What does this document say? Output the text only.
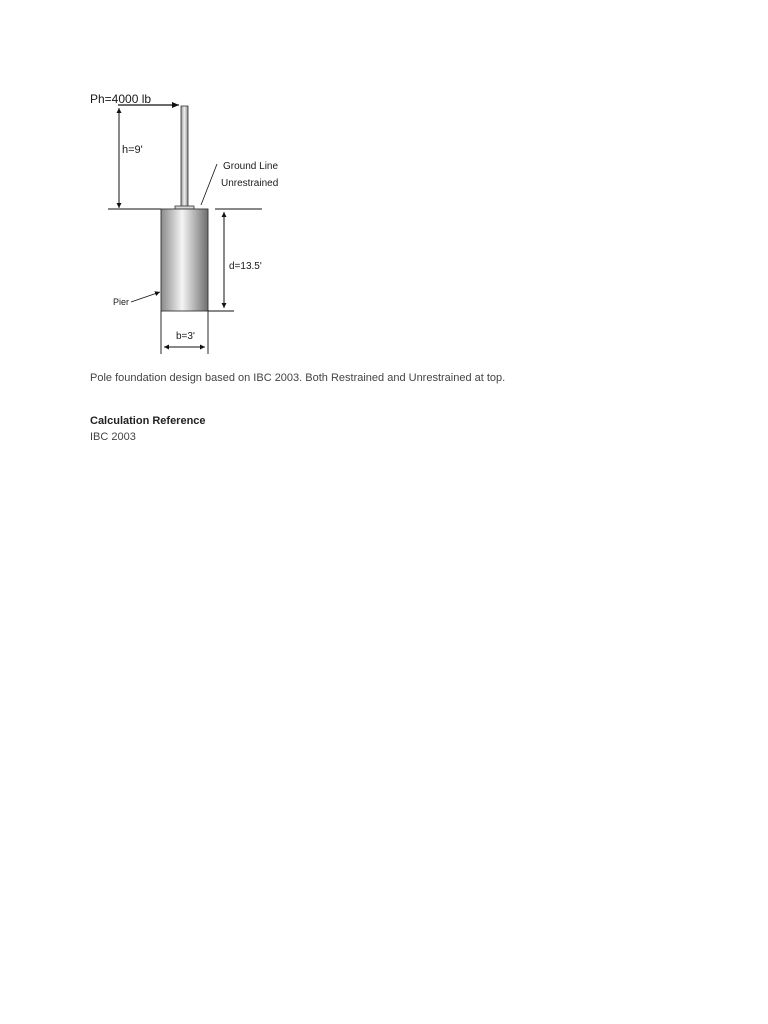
Ph=4000 lb
h=9'
Ground Line
Unrestrained
d=13.5'
Pier
b=3'
Pole foundation design based on IBC 2003. Both Restrained and Unrestrained at top.
Calculation Reference
IBC 2003
